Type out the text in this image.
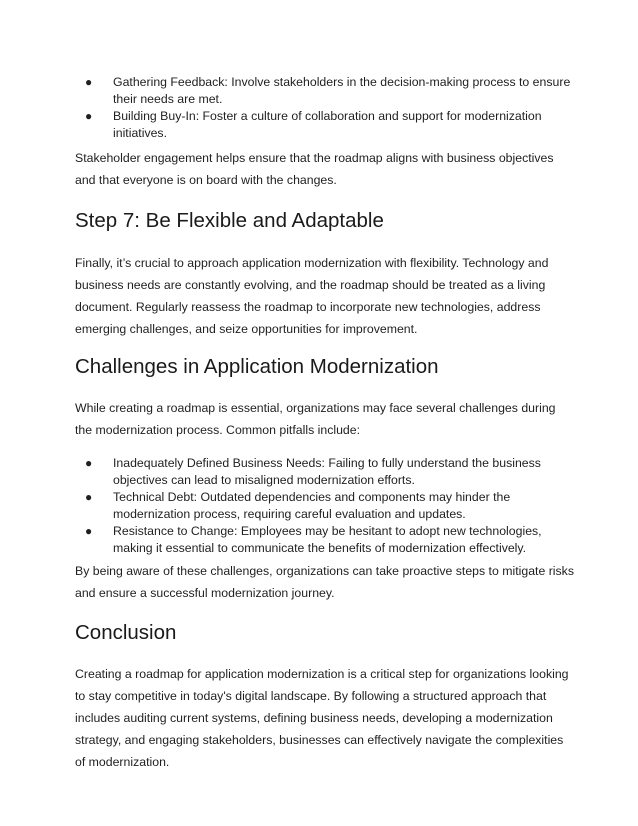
● Gathering Feedback: Involve stakeholders in the decision-making process to ensure their needs are met.
● Building Buy-In: Foster a culture of collaboration and support for modernization initiatives.

Stakeholder engagement helps ensure that the roadmap aligns with business objectives and that everyone is on board with the changes.

Step 7: Be Flexible and Adaptable

Finally, it’s crucial to approach application modernization with flexibility. Technology and business needs are constantly evolving, and the roadmap should be treated as a living document. Regularly reassess the roadmap to incorporate new technologies, address emerging challenges, and seize opportunities for improvement.

Challenges in Application Modernization

While creating a roadmap is essential, organizations may face several challenges during the modernization process. Common pitfalls include:

● Inadequately Defined Business Needs: Failing to fully understand the business objectives can lead to misaligned modernization efforts.
● Technical Debt: Outdated dependencies and components may hinder the modernization process, requiring careful evaluation and updates.
● Resistance to Change: Employees may be hesitant to adopt new technologies, making it essential to communicate the benefits of modernization effectively.

By being aware of these challenges, organizations can take proactive steps to mitigate risks and ensure a successful modernization journey.

Conclusion

Creating a roadmap for application modernization is a critical step for organizations looking to stay competitive in today's digital landscape. By following a structured approach that includes auditing current systems, defining business needs, developing a modernization strategy, and engaging stakeholders, businesses can effectively navigate the complexities of modernization.
